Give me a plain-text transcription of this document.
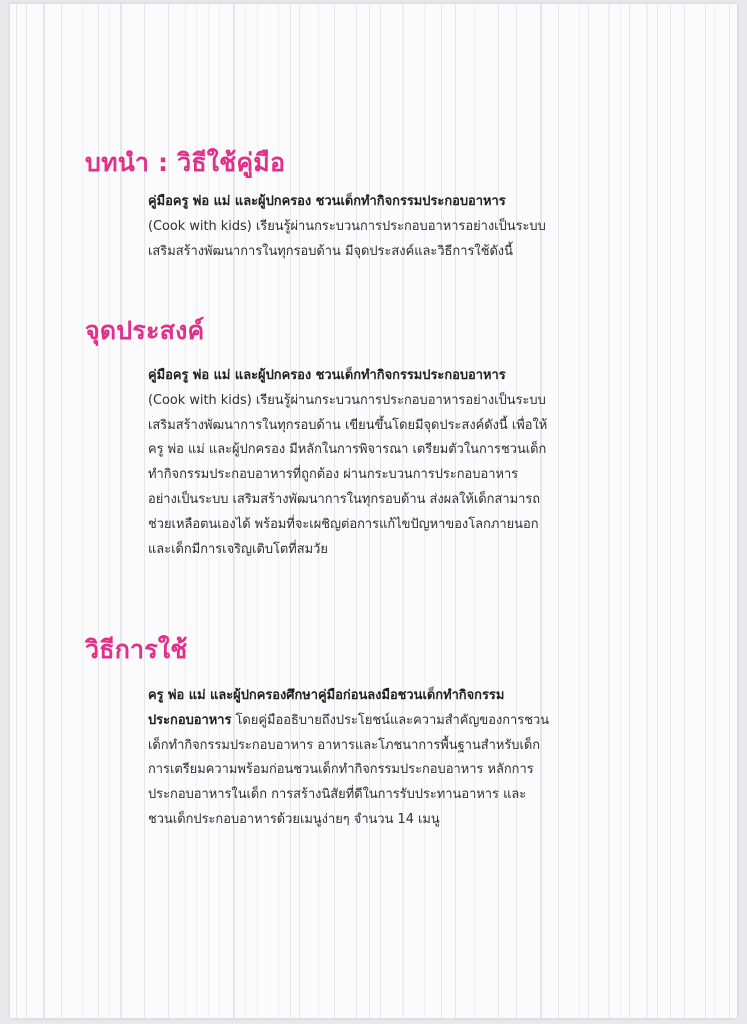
บทนำ : วิธีใช้คู่มือ
คู่มือครู พ่อ แม่ และผู้ปกครอง ชวนเด็กทำกิจกรรมประกอบอาหาร
(Cook with kids) เรียนรู้ผ่านกระบวนการประกอบอาหารอย่างเป็นระบบ
เสริมสร้างพัฒนาการในทุกรอบด้าน มีจุดประสงค์และวิธีการใช้ดังนี้
จุดประสงค์
คู่มือครู พ่อ แม่ และผู้ปกครอง ชวนเด็กทำกิจกรรมประกอบอาหาร
(Cook with kids) เรียนรู้ผ่านกระบวนการประกอบอาหารอย่างเป็นระบบ
เสริมสร้างพัฒนาการในทุกรอบด้าน เขียนขึ้นโดยมีจุดประสงค์ดังนี้ เพื่อให้
ครู พ่อ แม่ และผู้ปกครอง มีหลักในการพิจารณา เตรียมตัวในการชวนเด็ก
ทำกิจกรรมประกอบอาหารที่ถูกต้อง ผ่านกระบวนการประกอบอาหาร
อย่างเป็นระบบ เสริมสร้างพัฒนาการในทุกรอบด้าน ส่งผลให้เด็กสามารถ
ช่วยเหลือตนเองได้ พร้อมที่จะเผชิญต่อการแก้ไขปัญหาของโลกภายนอก
และเด็กมีการเจริญเติบโตที่สมวัย
วิธีการใช้
ครู พ่อ แม่ และผู้ปกครองศึกษาคู่มือก่อนลงมือชวนเด็กทำกิจกรรม
ประกอบอาหาร โดยคู่มืออธิบายถึงประโยชน์และความสำคัญของการชวน
เด็กทำกิจกรรมประกอบอาหาร อาหารและโภชนาการพื้นฐานสำหรับเด็ก
การเตรียมความพร้อมก่อนชวนเด็กทำกิจกรรมประกอบอาหาร หลักการ
ประกอบอาหารในเด็ก การสร้างนิสัยที่ดีในการรับประทานอาหาร และ
ชวนเด็กประกอบอาหารด้วยเมนูง่ายๆ จำนวน 14 เมนู
